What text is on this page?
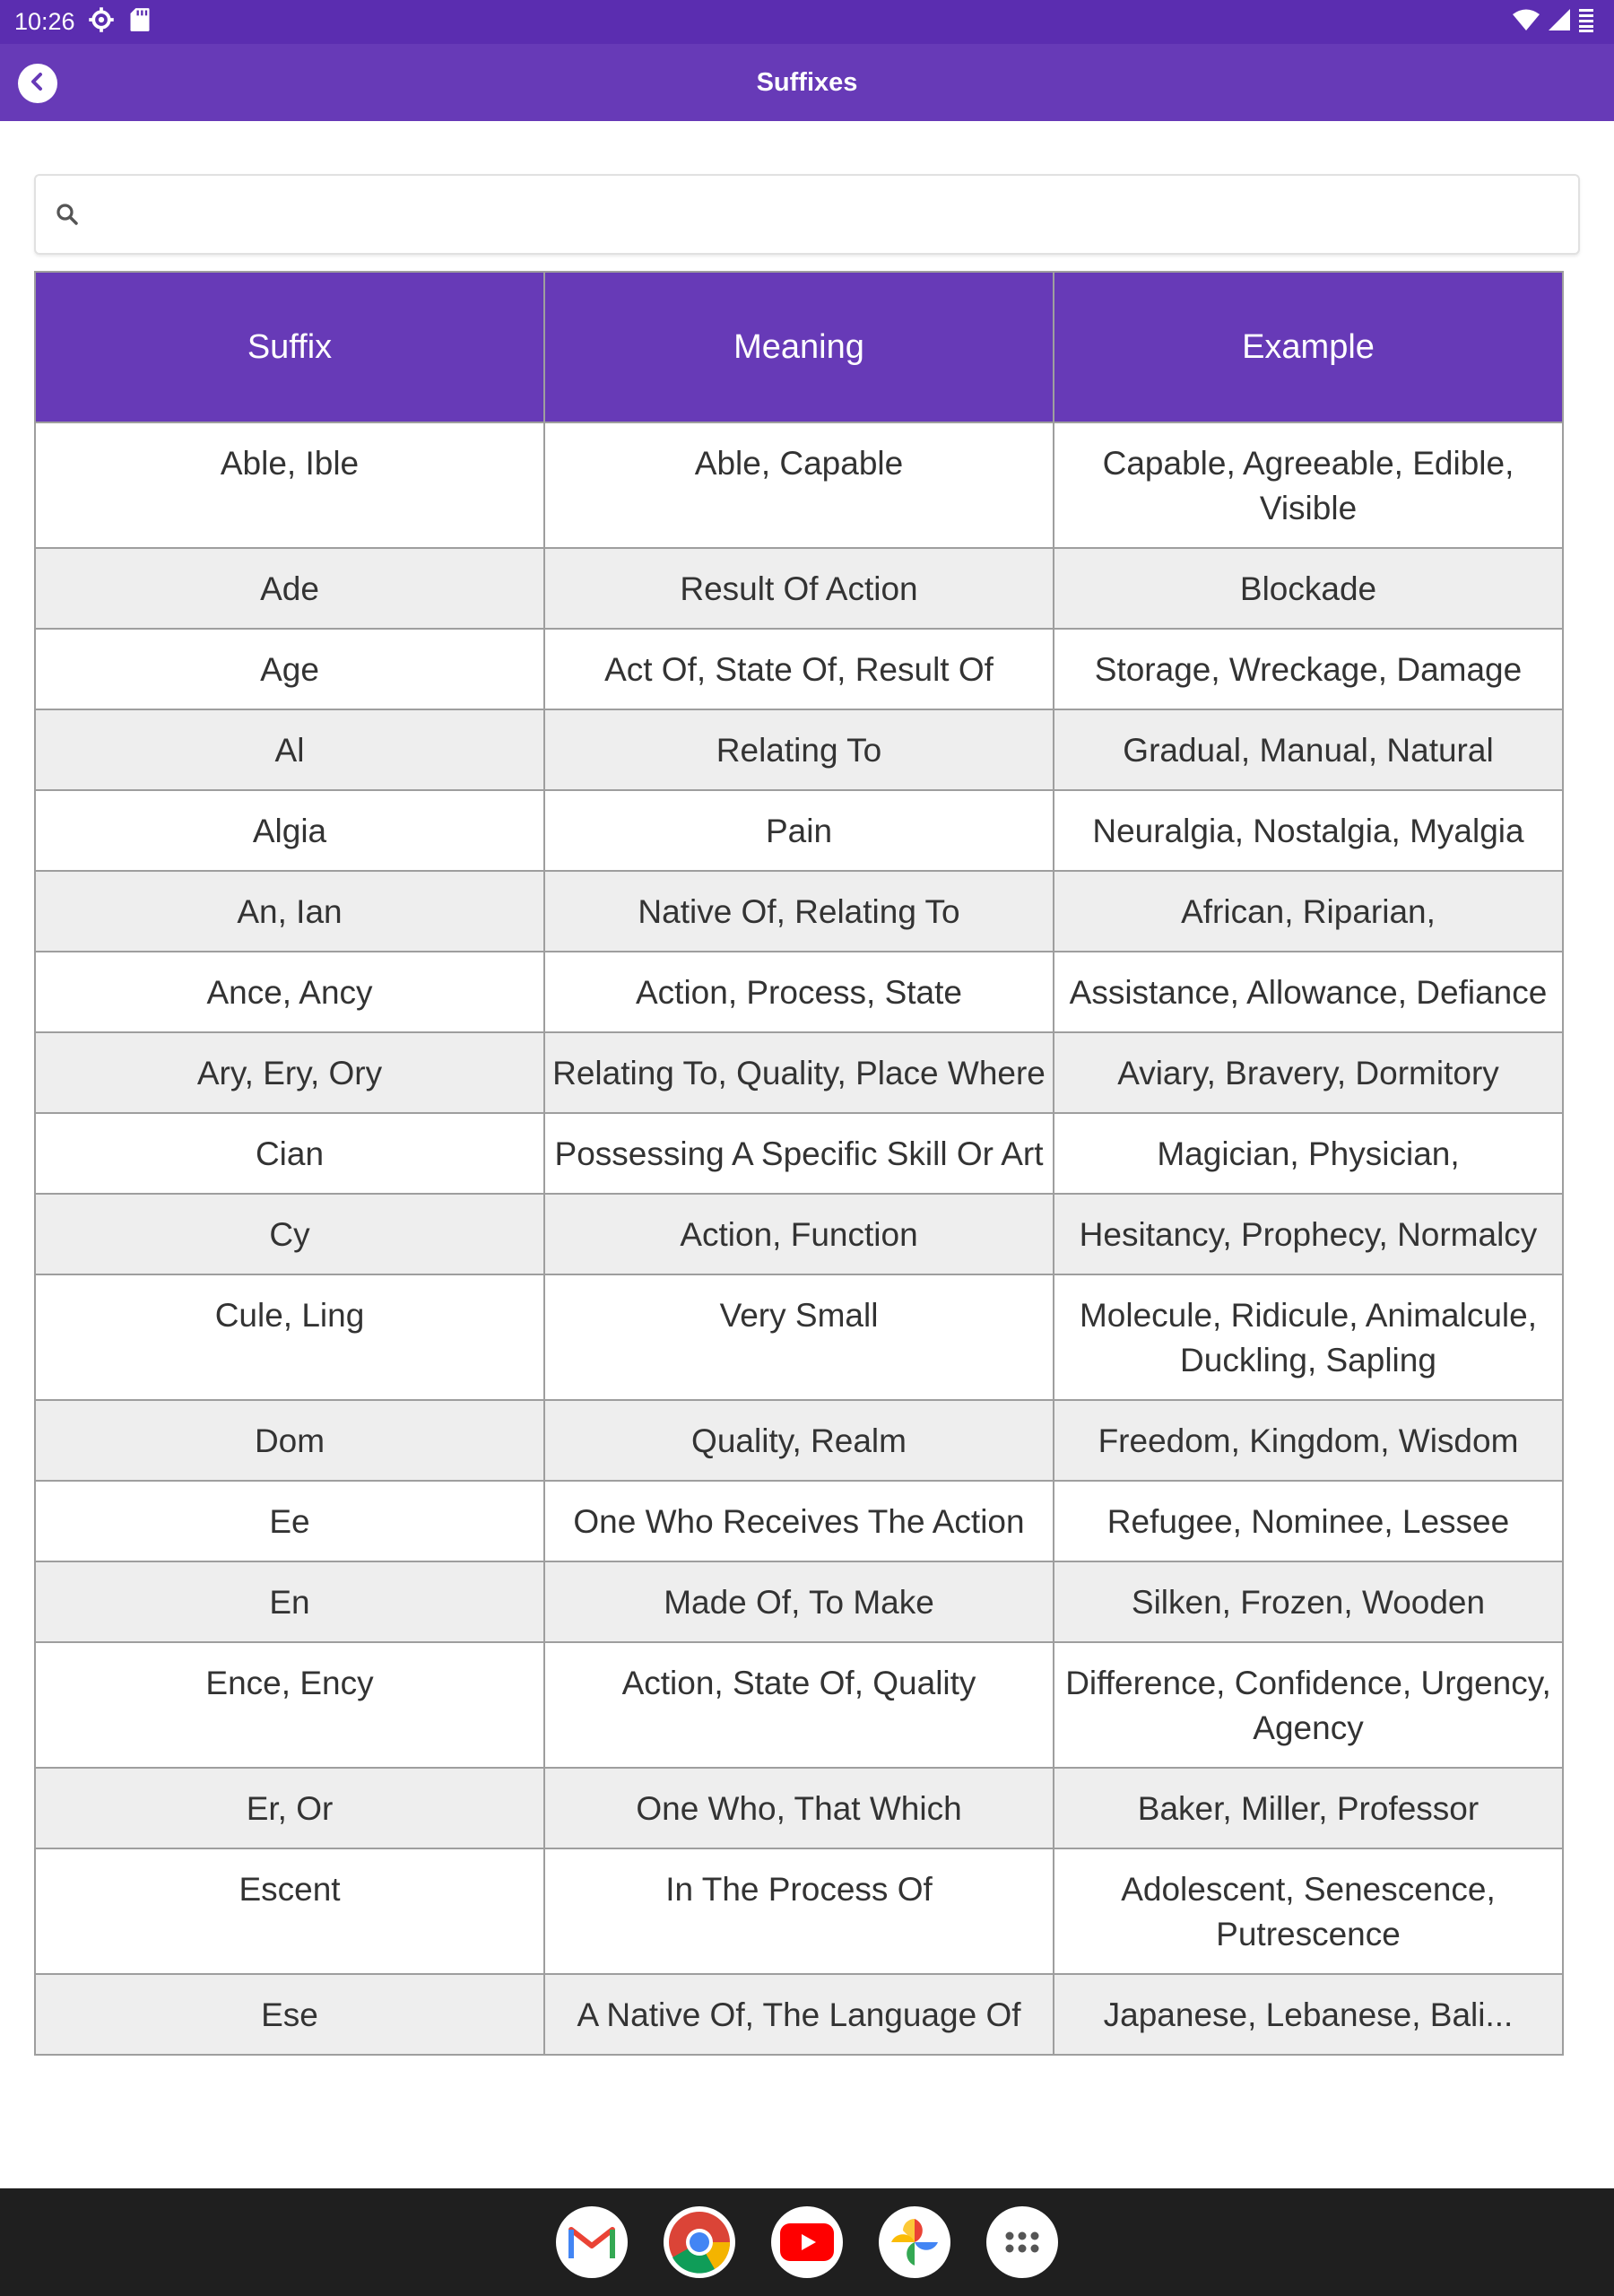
10:26
Suffixes
Suffix	Meaning	Example
Able, Ible	Able, Capable	Capable, Agreeable, Edible, Visible
Ade	Result Of Action	Blockade
Age	Act Of, State Of, Result Of	Storage, Wreckage, Damage
Al	Relating To	Gradual, Manual, Natural
Algia	Pain	Neuralgia, Nostalgia, Myalgia
An, Ian	Native Of, Relating To	African, Riparian,
Ance, Ancy	Action, Process, State	Assistance, Allowance, Defiance
Ary, Ery, Ory	Relating To, Quality, Place Where	Aviary, Bravery, Dormitory
Cian	Possessing A Specific Skill Or Art	Magician, Physician,
Cy	Action, Function	Hesitancy, Prophecy, Normalcy
Cule, Ling	Very Small	Molecule, Ridicule, Animalcule, Duckling, Sapling
Dom	Quality, Realm	Freedom, Kingdom, Wisdom
Ee	One Who Receives The Action	Refugee, Nominee, Lessee
En	Made Of, To Make	Silken, Frozen, Wooden
Ence, Ency	Action, State Of, Quality	Difference, Confidence, Urgency, Agency
Er, Or	One Who, That Which	Baker, Miller, Professor
Escent	In The Process Of	Adolescent, Senescence, Putrescence
Ese	A Native Of, The Language Of	Japanese, Lebanese, Bali...
